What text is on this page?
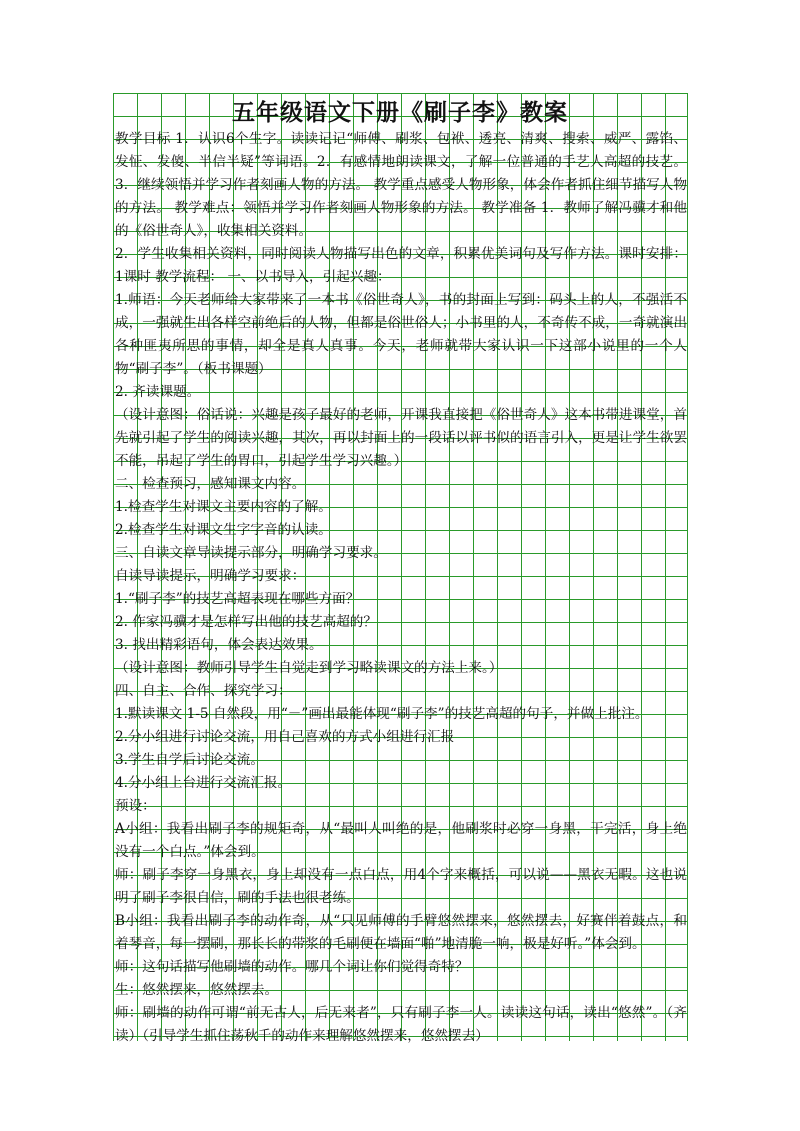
五年级语文下册《刷子李》教案

教学目标 1．认识6个生字。读读记记“师傅、刷浆、包袱、透亮、清爽、搜索、威严、露馅、发怔、发傻、半信半疑”等词语。2．有感情地朗读课文，了解一位普通的手艺人高超的技艺。 3．继续领悟并学习作者刻画人物的方法。 教学重点感受人物形象，体会作者抓住细节描写人物的方法。 教学难点：领悟并学习作者刻画人物形象的方法。 教学准备 1．教师了解冯骥才和他的《俗世奇人》，收集相关资料。

2．学生收集相关资料，同时阅读人物描写出色的文章，积累优美词句及写作方法。课时安排：1课时 教学流程： 一、以书导入，引起兴趣：

1.师语：今天老师给大家带来了一本书《俗世奇人》，书的封面上写到：码头上的人，不强活不成，一强就生出各样空前绝后的人物，但都是俗世俗人；小书里的人，不奇传不成，一奇就演出各种匪夷所思的事情，却全是真人真事。今天，老师就带大家认识一下这部小说里的一个人物“刷子李”。（板书课题）

2. 齐读课题。

（设计意图：俗话说：兴趣是孩子最好的老师，开课我直接把《俗世奇人》这本书带进课堂，首先就引起了学生的阅读兴趣，其次，再以封面上的一段话以评书似的语言引入，更是让学生欲罢不能，吊起了学生的胃口，引起学生学习兴趣。）

二、检查预习，感知课文内容。

1.检查学生对课文主要内容的了解。

2.检查学生对课文生字字音的认读。

三、自读文章导读提示部分，明确学习要求。

自读导读提示，明确学习要求：

1.“刷子李”的技艺高超表现在哪些方面？

2. 作家冯骥才是怎样写出他的技艺高超的？

3. 找出精彩语句，体会表达效果。

（设计意图：教师引导学生自觉走到学习略读课文的方法上来。）

四、自主、合作、探究学习：

1.默读课文 1-5 自然段，用“－”画出最能体现“刷子李”的技艺高超的句子，并做上批注。

2.分小组进行讨论交流，用自己喜欢的方式小组进行汇报

3.学生自学后讨论交流。

4.分小组上台进行交流汇报。

预设：

A小组：我看出刷子李的规矩奇，从“最叫人叫绝的是，他刷浆时必穿一身黑，干完活，身上绝没有一个白点。”体会到。

师：刷子李穿一身黑衣，身上却没有一点白点，用4个字来概括，可以说——黑衣无暇。这也说明了刷子李很自信，刷的手法也很老练。

B小组：我看出刷子李的动作奇，从“只见师傅的手臂悠然摆来，悠然摆去，好赛伴着鼓点，和着琴音，每一摆刷，那长长的带浆的毛刷便在墙面“啪”地清脆一响，极是好听。”体会到。

师：这句话描写他刷墙的动作。哪几个词让你们觉得奇特？

生：悠然摆来，悠然摆去。

师：刷墙的动作可谓“前无古人，后无来者”，只有刷子李一人。读读这句话，读出“悠然”。（齐读）（引导学生抓住荡秋千的动作来理解悠然摆来，悠然摆去）
